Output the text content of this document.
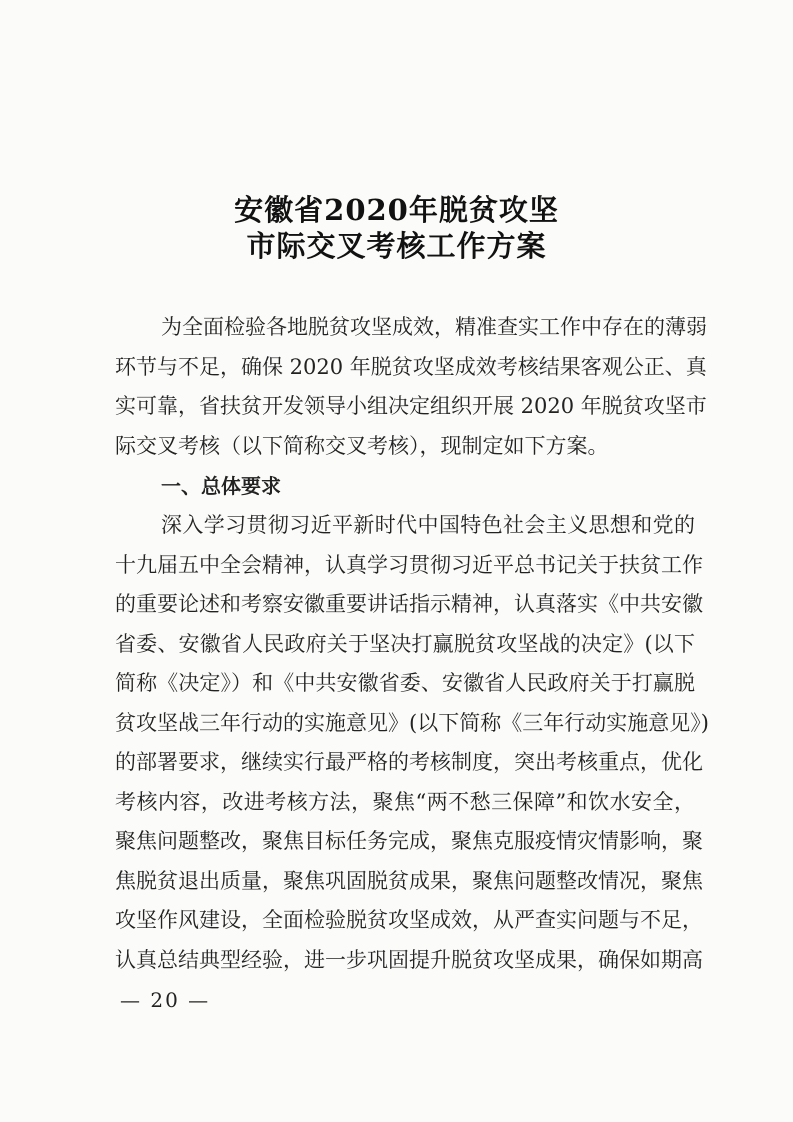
安徽省2020年脱贫攻坚
市际交叉考核工作方案
为全面检验各地脱贫攻坚成效，精准查实工作中存在的薄弱
环节与不足，确保 2020 年脱贫攻坚成效考核结果客观公正、真
实可靠，省扶贫开发领导小组决定组织开展 2020 年脱贫攻坚市
际交叉考核（以下简称交叉考核），现制定如下方案。
一、总体要求
深入学习贯彻习近平新时代中国特色社会主义思想和党的
十九届五中全会精神，认真学习贯彻习近平总书记关于扶贫工作
的重要论述和考察安徽重要讲话指示精神，认真落实《中共安徽
省委、安徽省人民政府关于坚决打赢脱贫攻坚战的决定》(以下
简称《决定》）和《中共安徽省委、安徽省人民政府关于打赢脱
贫攻坚战三年行动的实施意见》(以下简称《三年行动实施意见》)
的部署要求，继续实行最严格的考核制度，突出考核重点，优化
考核内容，改进考核方法，聚焦“两不愁三保障”和饮水安全，
聚焦问题整改，聚焦目标任务完成，聚焦克服疫情灾情影响，聚
焦脱贫退出质量，聚焦巩固脱贫成果，聚焦问题整改情况，聚焦
攻坚作风建设，全面检验脱贫攻坚成效，从严查实问题与不足，
认真总结典型经验，进一步巩固提升脱贫攻坚成果，确保如期高
— 20 —
